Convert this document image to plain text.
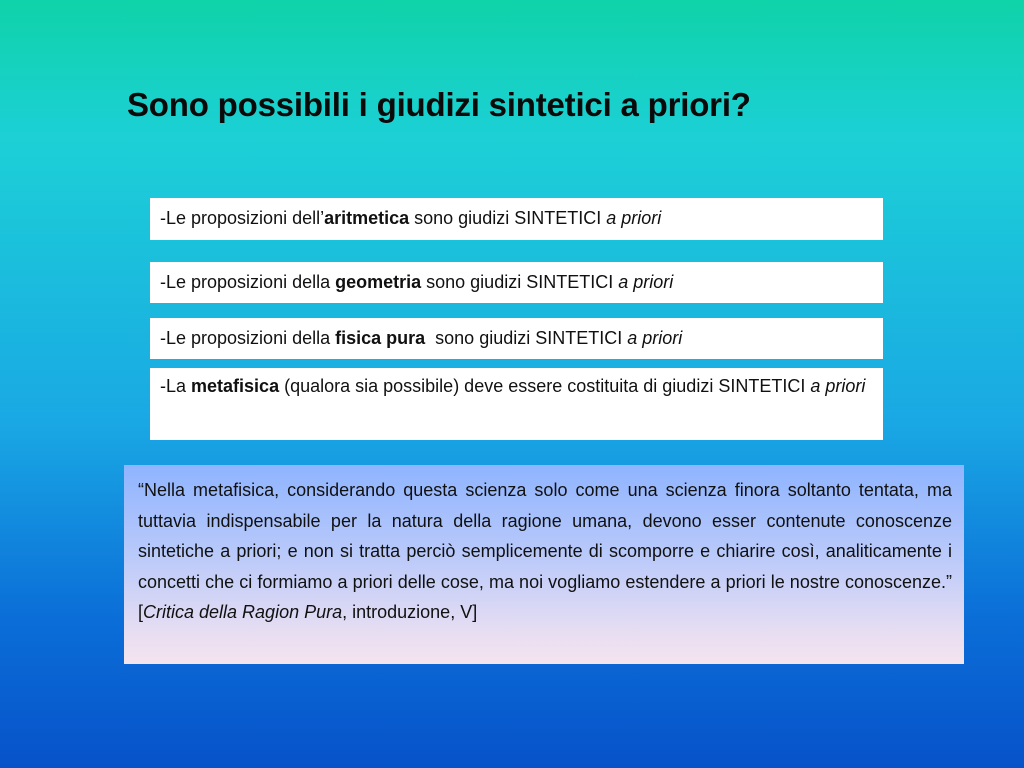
Sono possibili i giudizi sintetici a priori?
-Le proposizioni dell’aritmetica sono giudizi SINTETICI a priori
-Le proposizioni della geometria sono giudizi SINTETICI a priori
-Le proposizioni della fisica pura  sono giudizi SINTETICI a priori
-La metafisica (qualora sia possibile) deve essere costituita di giudizi SINTETICI a priori
“Nella metafisica, considerando questa scienza solo come una scienza finora soltanto tentata, ma tuttavia indispensabile per la natura della ragione umana, devono esser contenute conoscenze sintetiche a priori; e non si tratta perciò semplicemente di scomporre e chiarire così, analiticamente i concetti che ci formiamo a priori delle cose, ma noi vogliamo estendere a priori le nostre conoscenze.” [Critica della Ragion Pura, introduzione, V]
